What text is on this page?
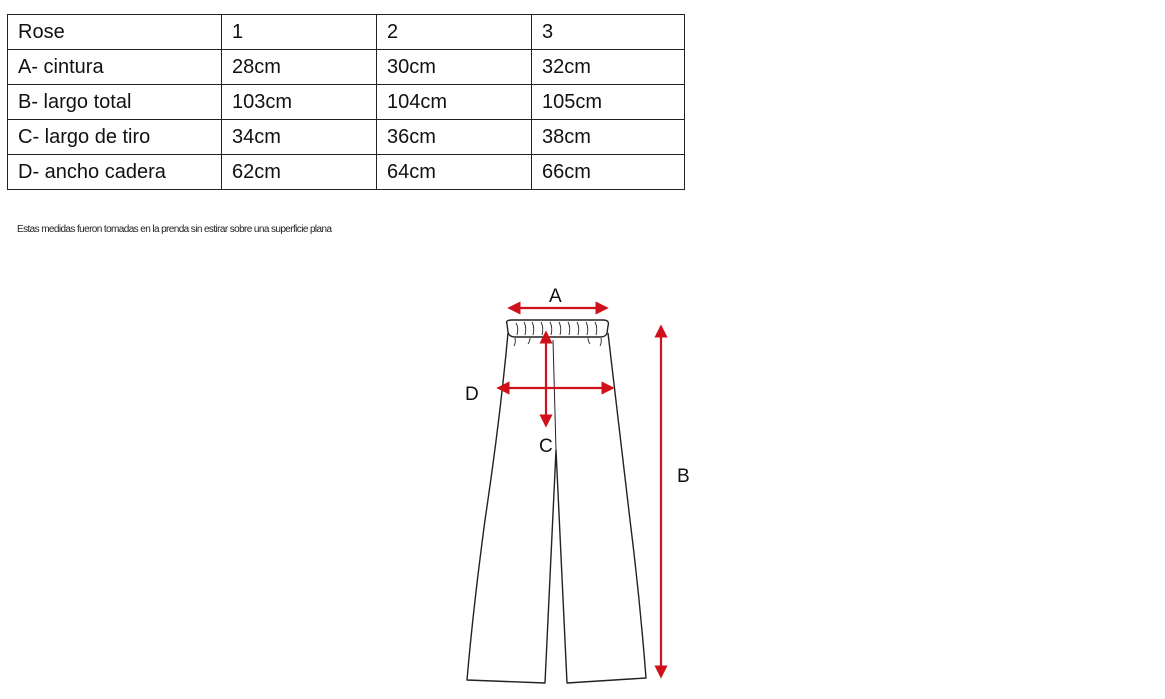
Rose	1	2	3
A- cintura	28cm	30cm	32cm
B- largo total	103cm	104cm	105cm
C- largo de tiro	34cm	36cm	38cm
D- ancho cadera	62cm	64cm	66cm
Estas medidas fueron tomadas en la prenda sin estirar sobre una superficie plana
A
D
C
B
